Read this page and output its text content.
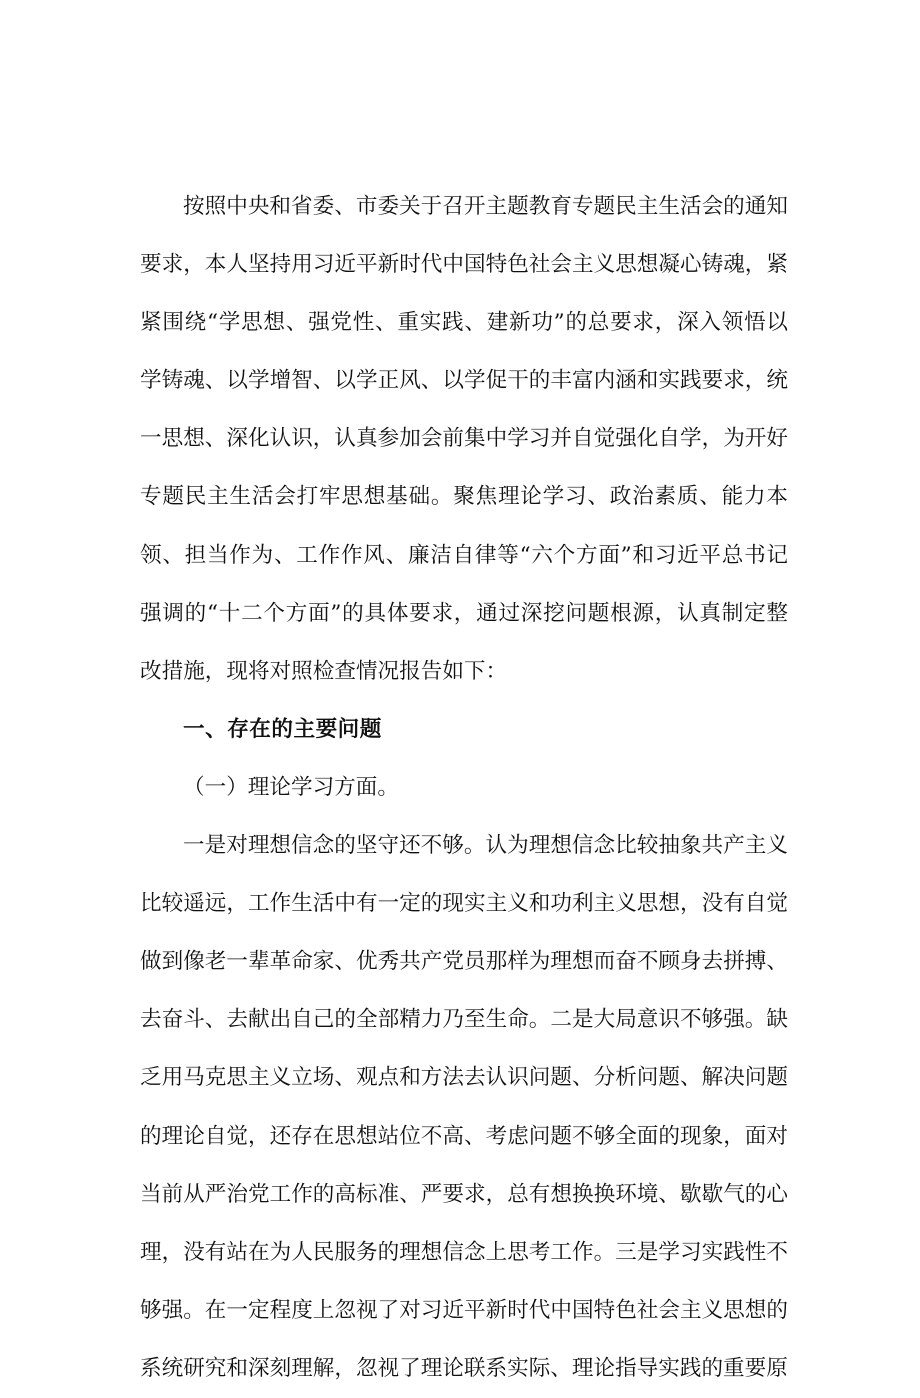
按照中央和省委、市委关于召开主题教育专题民主生活会的通知要求，本人坚持用习近平新时代中国特色社会主义思想凝心铸魂，紧紧围绕“学思想、强党性、重实践、建新功”的总要求，深入领悟以学铸魂、以学增智、以学正风、以学促干的丰富内涵和实践要求，统一思想、深化认识，认真参加会前集中学习并自觉强化自学，为开好专题民主生活会打牢思想基础。聚焦理论学习、政治素质、能力本领、担当作为、工作作风、廉洁自律等“六个方面”和习近平总书记强调的“十二个方面”的具体要求，通过深挖问题根源，认真制定整改措施，现将对照检查情况报告如下：

一、存在的主要问题

（一）理论学习方面。

一是对理想信念的坚守还不够。认为理想信念比较抽象共产主义比较遥远，工作生活中有一定的现实主义和功利主义思想，没有自觉做到像老一辈革命家、优秀共产党员那样为理想而奋不顾身去拼搏、去奋斗、去献出自己的全部精力乃至生命。二是大局意识不够强。缺乏用马克思主义立场、观点和方法去认识问题、分析问题、解决问题的理论自觉，还存在思想站位不高、考虑问题不够全面的现象，面对当前从严治党工作的高标准、严要求，总有想换换环境、歇歇气的心理，没有站在为人民服务的理想信念上思考工作。三是学习实践性不够强。在一定程度上忽视了对习近平新时代中国特色社会主义思想的系统研究和深刻理解，忽视了理论联系实际、理论指导实践的重要原
